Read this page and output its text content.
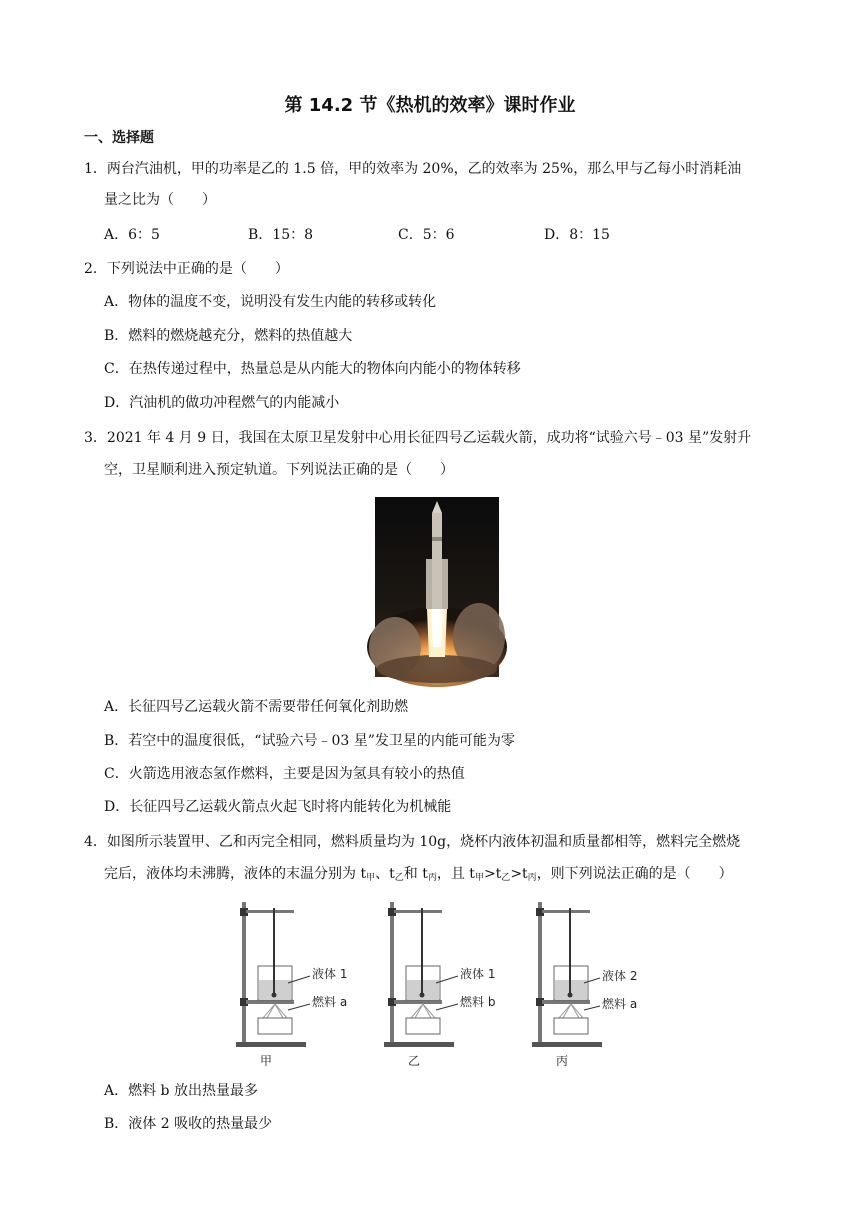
第 14.2 节《热机的效率》课时作业
一、选择题
1．两台汽油机，甲的功率是乙的 1.5 倍，甲的效率为 20%，乙的效率为 25%，那么甲与乙每小时消耗油
量之比为（　　）
A．6：5	B．15：8	C．5：6	D．8：15
2．下列说法中正确的是（　　）
A．物体的温度不变，说明没有发生内能的转移或转化
B．燃料的燃烧越充分，燃料的热值越大
C．在热传递过程中，热量总是从内能大的物体向内能小的物体转移
D．汽油机的做功冲程燃气的内能减小
3．2021 年 4 月 9 日，我国在太原卫星发射中心用长征四号乙运载火箭，成功将“试验六号﹣03 星”发射升
空，卫星顺利进入预定轨道。下列说法正确的是（　　）
A．长征四号乙运载火箭不需要带任何氧化剂助燃
B．若空中的温度很低，“试验六号﹣03 星”发卫星的内能可能为零
C．火箭选用液态氢作燃料，主要是因为氢具有较小的热值
D．长征四号乙运载火箭点火起飞时将内能转化为机械能
4．如图所示装置甲、乙和丙完全相同，燃料质量均为 10g，烧杯内液体初温和质量都相等，燃料完全燃烧
完后，液体均未沸腾，液体的末温分别为 $t_甲$、$t_乙$和 $t_丙$，且 $t_甲>t_乙>t_丙$，则下列说法正确的是（　　）
液体 1
燃料 a
甲
液体 1
燃料 b
乙
液体 2
燃料 a
丙
A．燃料 b 放出热量最多
B．液体 2 吸收的热量最少
